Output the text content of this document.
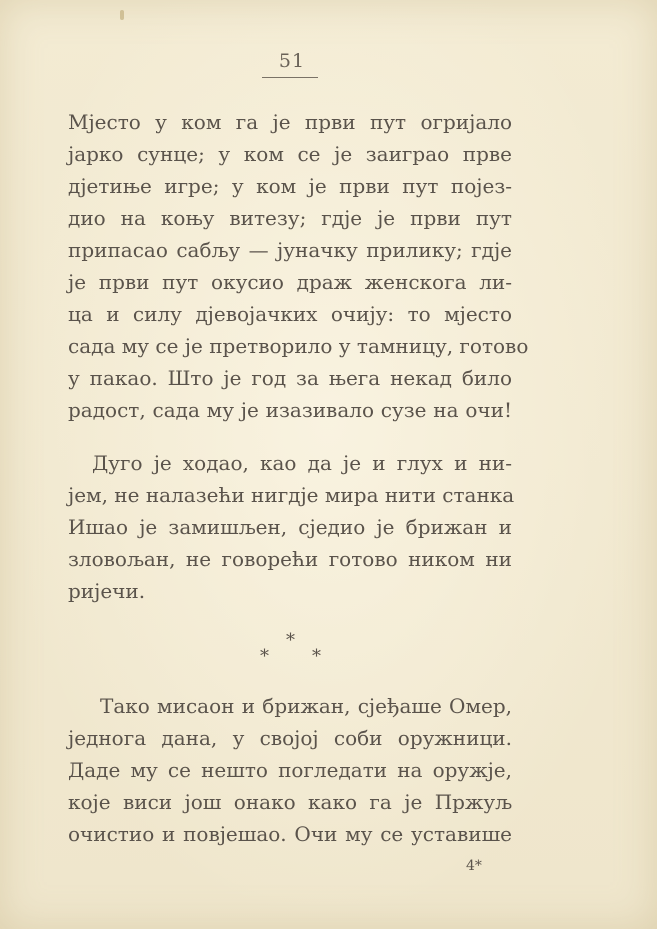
51
Мјесто у ком га је први пут огријало
јарко сунце; у ком се је заиграо прве
дјетиње игре; у ком је први пут појез-
дио на коњу витезу; гдје је први пут
припасао сабљу — јуначку прилику; гдје
је први пут окусио драж женскога ли-
ца и силу дјевојачких очију: то мјесто
сада му се је претворило у тамницу, готово
у пакао. Што је год за њега некад било
радост, сада му је изазивало сузе на очи!
Дуго је ходао, као да је и глух и ни-
јем, не налазећи нигдје мира нити станка
Ишао је замишљен, сједио је брижан и
зловољан, не говорећи готово ником ни
ријечи.
*
* *
Тако мисаон и брижан, сјеђаше Омер,
једнога дана, у својој соби оружници.
Даде му се нешто погледати на оружје,
које виси још онако како га је Пржуљ
очистио и повјешао. Очи му се уставише
4*
